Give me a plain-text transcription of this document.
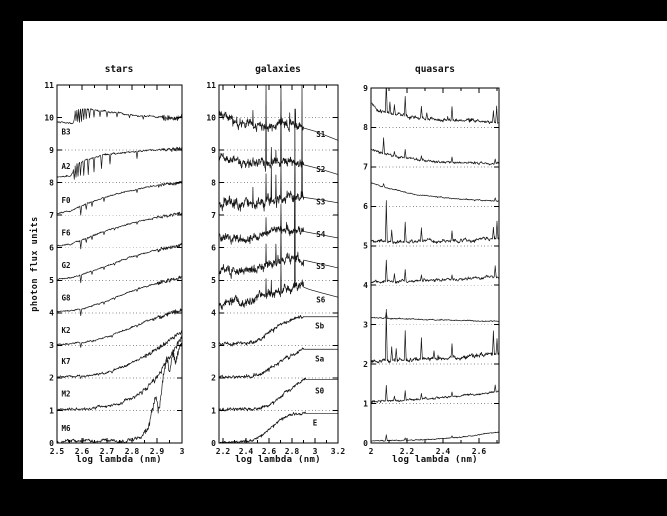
B3
A2
F0
F6
G2
G8
K2
K7
M2
M6
2.5 2.6 2.7 2.8 2.9 3
0
1
2
3
4
5
6
7
8
9
10
11
S1
S2
S3
S4
S5
S6
Sb
Sa
S0
E
2.2 2.4 2.6 2.8 3 3.2
0
1
2
3
4
5
6
7
8
9
10
11
2	2.2	2.4	2.6
0
1
2
3
4
5
6
7
8
9
stars	galaxies	quasars
log lambda (nm)	log lambda (nm)	log lambda (nm)
photon flux units
